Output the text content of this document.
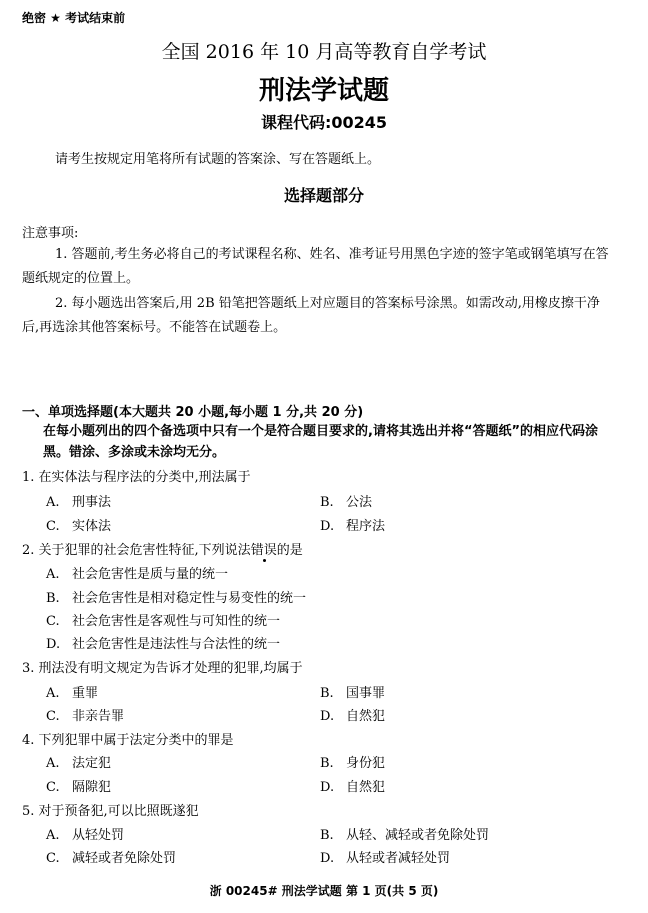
绝密 ★ 考试结束前
全国 2016 年 10 月高等教育自学考试
刑法学试题
课程代码:00245
请考生按规定用笔将所有试题的答案涂、写在答题纸上。
选择题部分
注意事项:
1. 答题前,考生务必将自己的考试课程名称、姓名、准考证号用黑色字迹的签字笔或钢笔填写在答题纸规定的位置上。
2. 每小题选出答案后,用 2B 铅笔把答题纸上对应题目的答案标号涂黑。如需改动,用橡皮擦干净后,再选涂其他答案标号。不能答在试题卷上。
一、单项选择题(本大题共 20 小题,每小题 1 分,共 20 分)
在每小题列出的四个备选项中只有一个是符合题目要求的,请将其选出并将“答题纸”的相应代码涂黑。错涂、多涂或未涂均无分。
1. 在实体法与程序法的分类中,刑法属于
A. 刑事法	B. 公法
C. 实体法	D. 程序法
2. 关于犯罪的社会危害性特征,下列说法错误的是
A. 社会危害性是质与量的统一
B. 社会危害性是相对稳定性与易变性的统一
C. 社会危害性是客观性与可知性的统一
D. 社会危害性是违法性与合法性的统一
3. 刑法没有明文规定为告诉才处理的犯罪,均属于
A. 重罪	B. 国事罪
C. 非亲告罪	D. 自然犯
4. 下列犯罪中属于法定分类中的罪是
A. 法定犯	B. 身份犯
C. 隔隙犯	D. 自然犯
5. 对于预备犯,可以比照既遂犯
A. 从轻处罚	B. 从轻、减轻或者免除处罚
C. 减轻或者免除处罚	D. 从轻或者减轻处罚
浙 00245# 刑法学试题 第 1 页(共 5 页)
